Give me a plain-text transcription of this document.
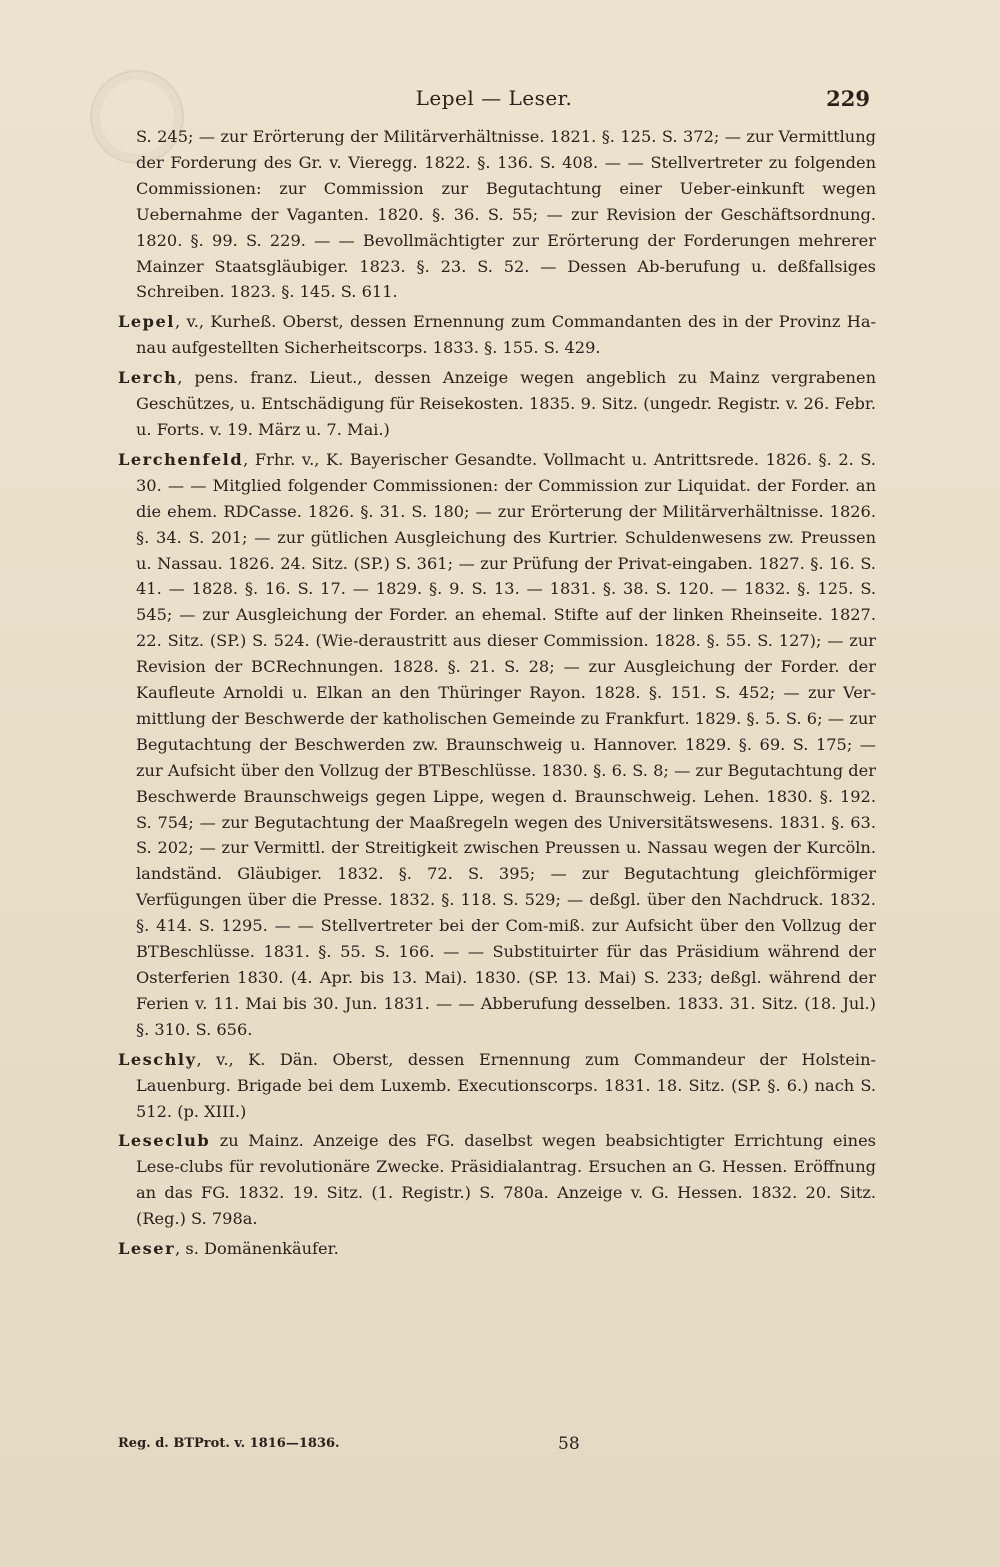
Lepel — Leser.	229

S. 245; — zur Erörterung der Militärverhältnisse. 1821. §. 125. S. 372; — zur Vermittlung der Forderung des Gr. v. Vieregg. 1822. §. 136. S. 408. — — Stellvertreter zu folgenden Commissionen: zur Commission zur Begutachtung einer Ueber-einkunft wegen Uebernahme der Vaganten. 1820. §. 36. S. 55; — zur Revision der Geschäftsordnung. 1820. §. 99. S. 229. — — Bevollmächtigter zur Erörterung der Forderungen mehrerer Mainzer Staatsgläubiger. 1823. §. 23. S. 52. — Dessen Ab-berufung u. deßfallsiges Schreiben. 1823. §. 145. S. 611.

Lepel, v., Kurheß. Oberst, dessen Ernennung zum Commandanten des in der Provinz Ha-nau aufgestellten Sicherheitscorps. 1833. §. 155. S. 429.

Lerch, pens. franz. Lieut., dessen Anzeige wegen angeblich zu Mainz vergrabenen Geschützes, u. Entschädigung für Reisekosten. 1835. 9. Sitz. (ungedr. Registr. v. 26. Febr. u. Forts. v. 19. März u. 7. Mai.)

Lerchenfeld, Frhr. v., K. Bayerischer Gesandte. Vollmacht u. Antrittsrede. 1826. §. 2. S. 30. — — Mitglied folgender Commissionen: der Commission zur Liquidat. der Forder. an die ehem. RDCasse. 1826. §. 31. S. 180; — zur Erörterung der Militärverhältnisse. 1826. §. 34. S. 201; — zur gütlichen Ausgleichung des Kurtrier. Schuldenwesens zw. Preussen u. Nassau. 1826. 24. Sitz. (SP.) S. 361; — zur Prüfung der Privat-eingaben. 1827. §. 16. S. 41. — 1828. §. 16. S. 17. — 1829. §. 9. S. 13. — 1831. §. 38. S. 120. — 1832. §. 125. S. 545; — zur Ausgleichung der Forder. an ehemal. Stifte auf der linken Rheinseite. 1827. 22. Sitz. (SP.) S. 524. (Wie-deraustritt aus dieser Commission. 1828. §. 55. S. 127); — zur Revision der BCRechnungen. 1828. §. 21. S. 28; — zur Ausgleichung der Forder. der Kaufleute Arnoldi u. Elkan an den Thüringer Rayon. 1828. §. 151. S. 452; — zur Ver-mittlung der Beschwerde der katholischen Gemeinde zu Frankfurt. 1829. §. 5. S. 6; — zur Begutachtung der Beschwerden zw. Braunschweig u. Hannover. 1829. §. 69. S. 175; — zur Aufsicht über den Vollzug der BTBeschlüsse. 1830. §. 6. S. 8; — zur Begutachtung der Beschwerde Braunschweigs gegen Lippe, wegen d. Braunschweig. Lehen. 1830. §. 192. S. 754; — zur Begutachtung der Maaßregeln wegen des Universitätswesens. 1831. §. 63. S. 202; — zur Vermittl. der Streitigkeit zwischen Preussen u. Nassau wegen der Kurcöln. landständ. Gläubiger. 1832. §. 72. S. 395; — zur Begutachtung gleichförmiger Verfügungen über die Presse. 1832. §. 118. S. 529; — deßgl. über den Nachdruck. 1832. §. 414. S. 1295. — — Stellvertreter bei der Com-miß. zur Aufsicht über den Vollzug der BTBeschlüsse. 1831. §. 55. S. 166. — — Substituirter für das Präsidium während der Osterferien 1830. (4. Apr. bis 13. Mai). 1830. (SP. 13. Mai) S. 233; deßgl. während der Ferien v. 11. Mai bis 30. Jun. 1831. — — Abberufung desselben. 1833. 31. Sitz. (18. Jul.) §. 310. S. 656.

Leschly, v., K. Dän. Oberst, dessen Ernennung zum Commandeur der Holstein-Lauenburg. Brigade bei dem Luxemb. Executionscorps. 1831. 18. Sitz. (SP. §. 6.) nach S. 512. (p. XIII.)

Leseclub zu Mainz. Anzeige des FG. daselbst wegen beabsichtigter Errichtung eines Lese-clubs für revolutionäre Zwecke. Präsidialantrag. Ersuchen an G. Hessen. Eröffnung an das FG. 1832. 19. Sitz. (1. Registr.) S. 780a. Anzeige v. G. Hessen. 1832. 20. Sitz. (Reg.) S. 798a.

Leser, s. Domänenkäufer.

Reg. d. BTProt. v. 1816—1836.	58
